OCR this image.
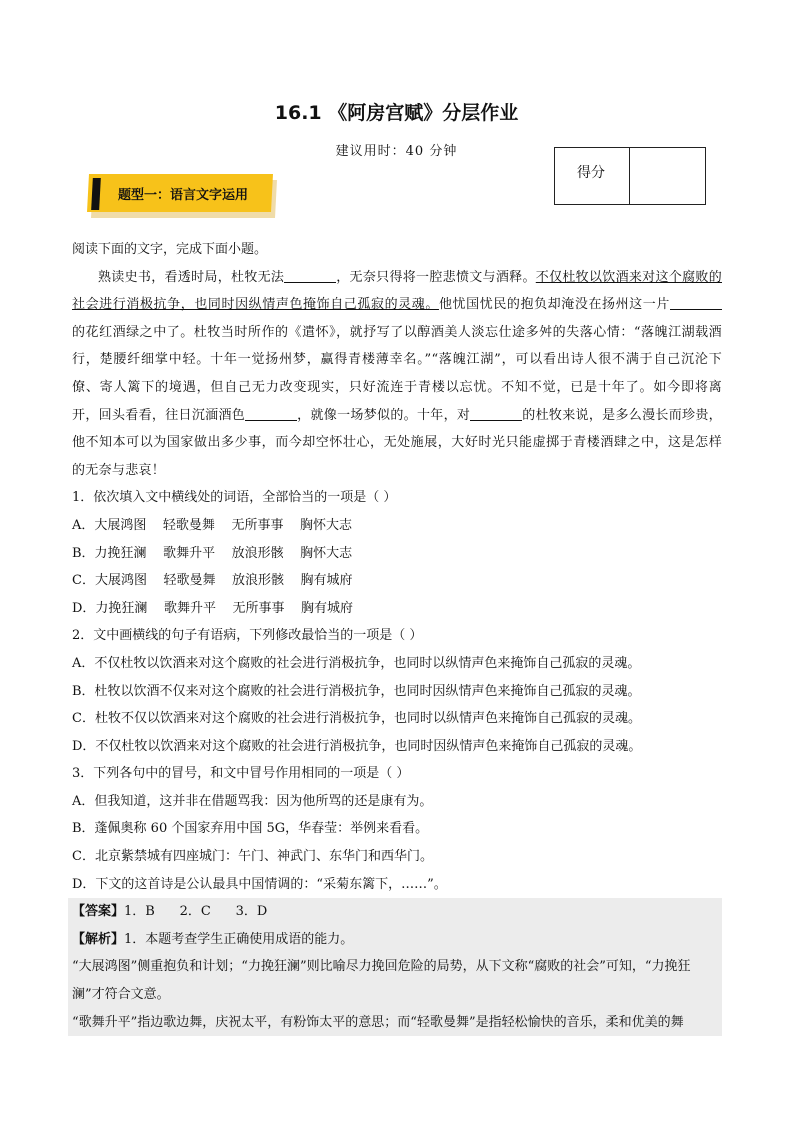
16.1 《阿房宫赋》分层作业
建议用时：40 分钟
得分
题型一：语言文字运用

阅读下面的文字，完成下面小题。

熟读史书，看透时局，杜牧无法	，无奈只得将一腔悲愤文与酒释。不仅杜牧以饮酒来对这个腐败的社会进行消极抗争，也同时因纵情声色掩饰自己孤寂的灵魂。他忧国忧民的抱负却淹没在扬州这一片的花红酒绿之中了。杜牧当时所作的《遣怀》，就抒写了以醇酒美人淡忘仕途多舛的失落心情：“落魄江湖载酒行，楚腰纤细掌中轻。十年一觉扬州梦，赢得青楼薄幸名。”“落魄江湖”，可以看出诗人很不满于自己沉沦下僚、寄人篱下的境遇，但自己无力改变现实，只好流连于青楼以忘忧。不知不觉，已是十年了。如今即将离开，回头看看，往日沉湎酒色	，就像一场梦似的。十年，对	的杜牧来说，是多么漫长而珍贵，他不知本可以为国家做出多少事，而今却空怀壮心，无处施展，大好时光只能虚掷于青楼酒肆之中，这是怎样的无奈与悲哀！

1．依次填入文中横线处的词语，全部恰当的一项是（ ）

A．大展鸿图    轻歌曼舞    无所事事    胸怀大志

B．力挽狂澜    歌舞升平    放浪形骸    胸怀大志

C．大展鸿图    轻歌曼舞    放浪形骸    胸有城府

D．力挽狂澜    歌舞升平    无所事事    胸有城府

2．文中画横线的句子有语病，下列修改最恰当的一项是（ ）

A．不仅杜牧以饮酒来对这个腐败的社会进行消极抗争，也同时以纵情声色来掩饰自己孤寂的灵魂。

B．杜牧以饮酒不仅来对这个腐败的社会进行消极抗争，也同时因纵情声色来掩饰自己孤寂的灵魂。

C．杜牧不仅以饮酒来对这个腐败的社会进行消极抗争，也同时以纵情声色来掩饰自己孤寂的灵魂。

D．不仅杜牧以饮酒来对这个腐败的社会进行消极抗争，也同时因纵情声色来掩饰自己孤寂的灵魂。

3．下列各句中的冒号，和文中冒号作用相同的一项是（ ）

A．但我知道，这并非在借题骂我：因为他所骂的还是康有为。

B．蓬佩奥称 60 个国家弃用中国 5G，华春莹：举例来看看。

C．北京紫禁城有四座城门：午门、神武门、东华门和西华门。

D．下文的这首诗是公认最具中国情调的：“采菊东篱下，……”。

【答案】1．B      2．C      3．D

【解析】1．本题考查学生正确使用成语的能力。

“大展鸿图”侧重抱负和计划；“力挽狂澜”则比喻尽力挽回危险的局势，从下文称“腐败的社会”可知，“力挽狂澜”才符合文意。

“歌舞升平”指边歌边舞，庆祝太平，有粉饰太平的意思；而“轻歌曼舞”是指轻松愉快的音乐，柔和优美的舞
